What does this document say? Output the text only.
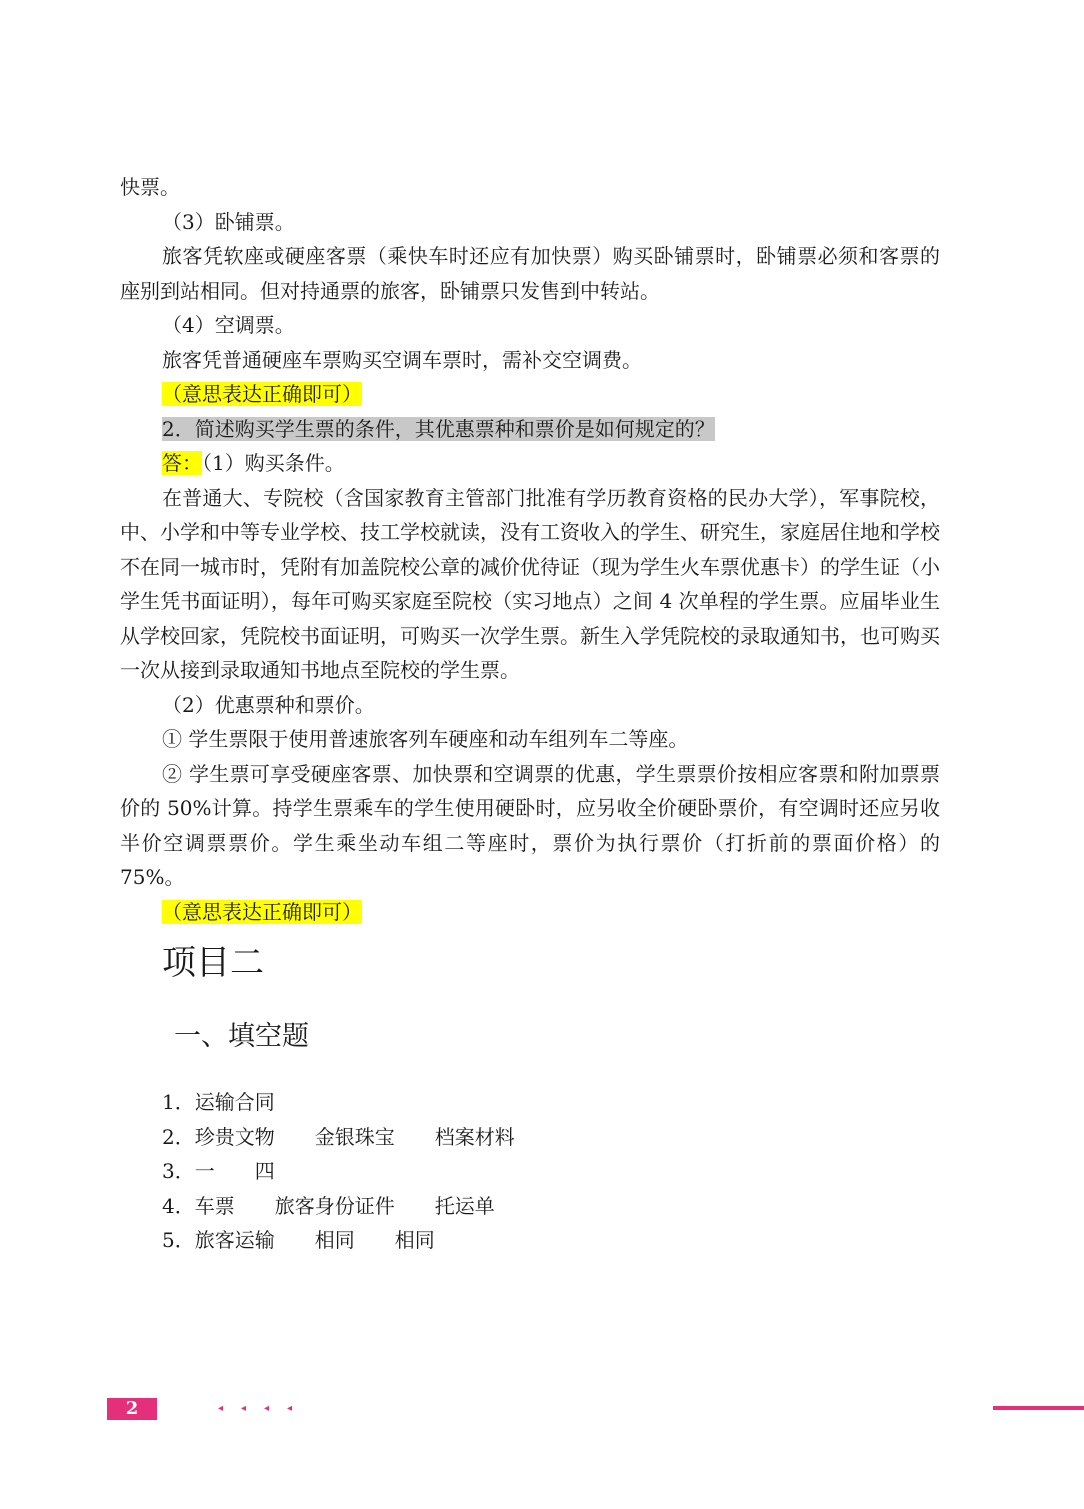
快票。

（3）卧铺票。

旅客凭软座或硬座客票（乘快车时还应有加快票）购买卧铺票时，卧铺票必须和客票的座别到站相同。但对持通票的旅客，卧铺票只发售到中转站。

（4）空调票。

旅客凭普通硬座车票购买空调车票时，需补交空调费。

（意思表达正确即可）

2．简述购买学生票的条件，其优惠票种和票价是如何规定的？

答：（1）购买条件。

在普通大、专院校（含国家教育主管部门批准有学历教育资格的民办大学），军事院校，中、小学和中等专业学校、技工学校就读，没有工资收入的学生、研究生，家庭居住地和学校不在同一城市时，凭附有加盖院校公章的减价优待证（现为学生火车票优惠卡）的学生证（小学生凭书面证明），每年可购买家庭至院校（实习地点）之间 4 次单程的学生票。应届毕业生从学校回家，凭院校书面证明，可购买一次学生票。新生入学凭院校的录取通知书，也可购买一次从接到录取通知书地点至院校的学生票。

（2）优惠票种和票价。

① 学生票限于使用普速旅客列车硬座和动车组列车二等座。

② 学生票可享受硬座客票、加快票和空调票的优惠，学生票票价按相应客票和附加票票价的 50%计算。持学生票乘车的学生使用硬卧时，应另收全价硬卧票价，有空调时还应另收半价空调票票价。学生乘坐动车组二等座时，票价为执行票价（打折前的票面价格）的 75%。

（意思表达正确即可）

项目二
一、填空题

1．运输合同

2．珍贵文物 金银珠宝 档案材料

3．一 四

4．车票 旅客身份证件 托运单

5．旅客运输 相同 相同

2	◂◂◂◂
